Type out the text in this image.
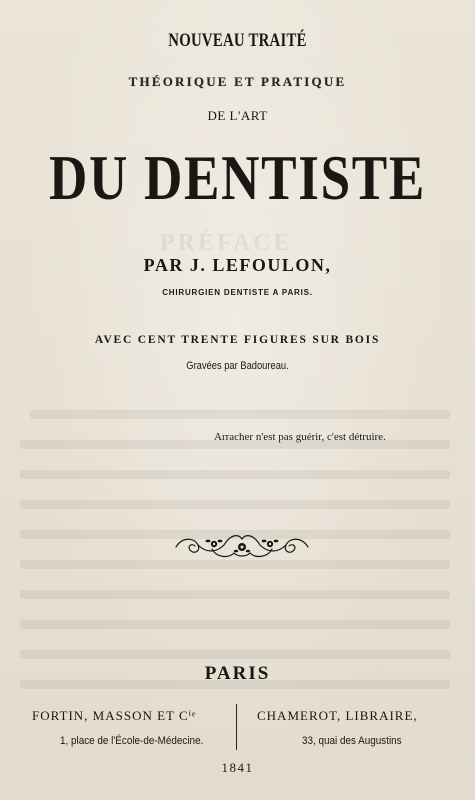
PRÉFACE
NOUVEAU TRAITÉ
THÉORIQUE ET PRATIQUE
DE L'ART
DU DENTISTE
PAR J. LEFOULON,
CHIRURGIEN DENTISTE A PARIS.
AVEC CENT TRENTE FIGURES SUR BOIS
Gravées par Badoureau.
Arracher n'est pas guérir, c'est détruire.
PARIS
FORTIN, MASSON ET Cⁱᵉ	CHAMEROT, LIBRAIRE,
1, place de l'École-de-Médecine.	33, quai des Augustins
1841
